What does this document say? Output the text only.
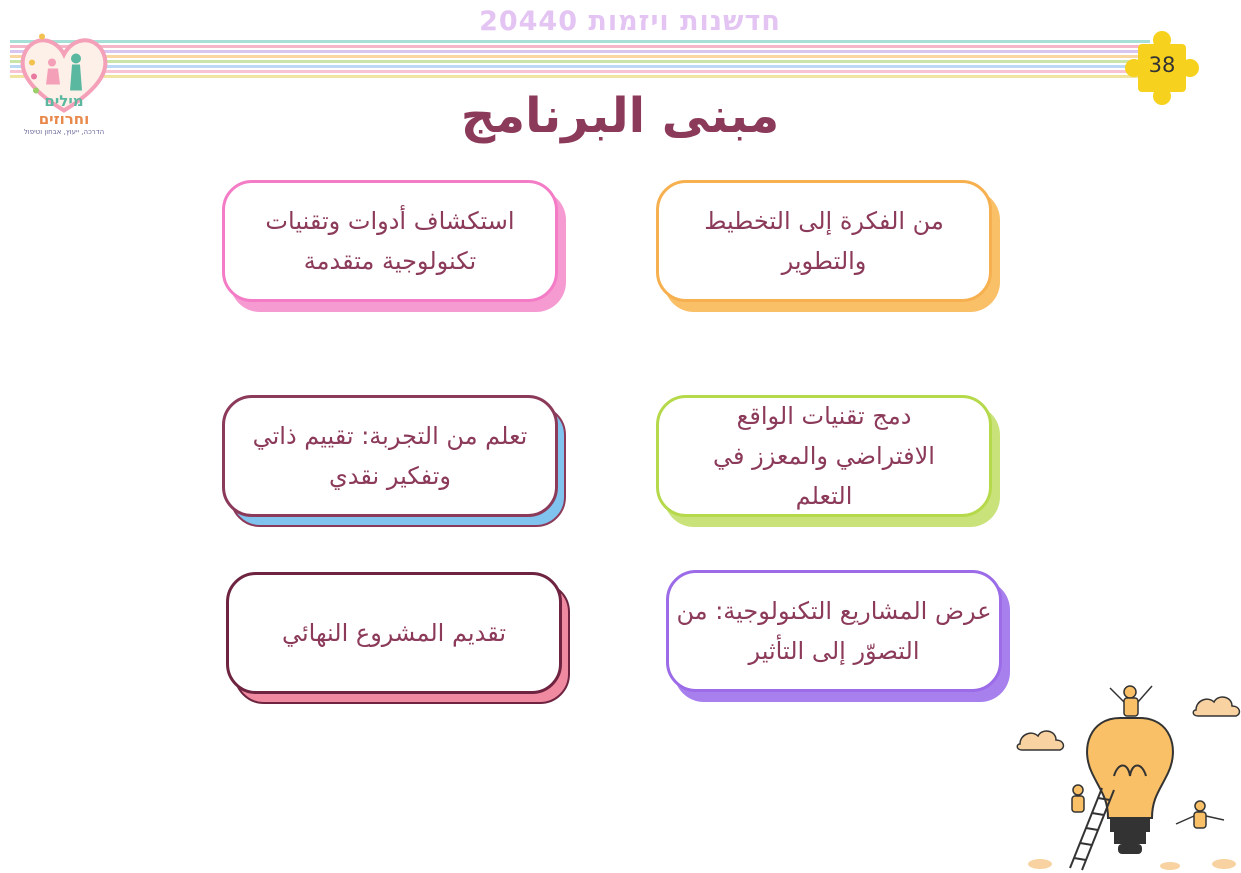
חדשנות ויזמות 20440
38
מילים
וחרוזים
הדרכה, ייעוץ, אבחון וטיפול	مبنى البرنامج
من الفكرة إلى التخطيط والتطوير
استكشاف أدوات وتقنيات تكنولوجية متقدمة
دمج تقنيات الواقع الافتراضي والمعزز في التعلم
تعلم من التجربة: تقييم ذاتي وتفكير نقدي
عرض المشاريع التكنولوجية: من التصوّر إلى التأثير
تقديم المشروع النهائي
